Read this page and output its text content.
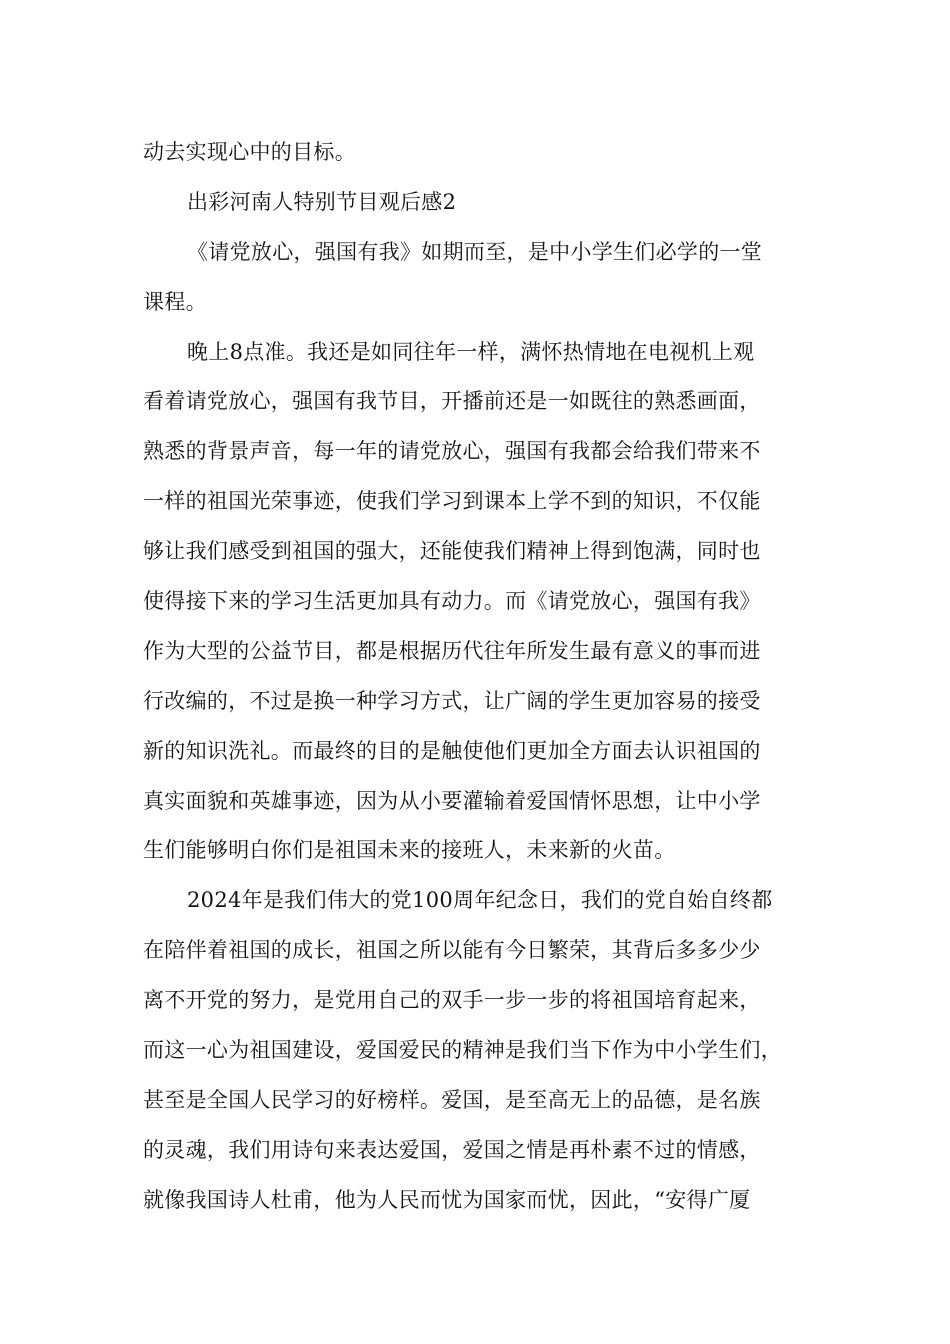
动去实现心中的目标。
出彩河南人特别节目观后感2
《请党放心，强国有我》如期而至，是中小学生们必学的一堂
课程。
晚上8点准。我还是如同往年一样，满怀热情地在电视机上观
看着请党放心，强国有我节目，开播前还是一如既往的熟悉画面，
熟悉的背景声音，每一年的请党放心，强国有我都会给我们带来不
一样的祖国光荣事迹，使我们学习到课本上学不到的知识，不仅能
够让我们感受到祖国的强大，还能使我们精神上得到饱满，同时也
使得接下来的学习生活更加具有动力。而《请党放心，强国有我》
作为大型的公益节目，都是根据历代往年所发生最有意义的事而进
行改编的，不过是换一种学习方式，让广阔的学生更加容易的接受
新的知识洗礼。而最终的目的是触使他们更加全方面去认识祖国的
真实面貌和英雄事迹，因为从小要灌输着爱国情怀思想，让中小学
生们能够明白你们是祖国未来的接班人，未来新的火苗。
2024年是我们伟大的党100周年纪念日，我们的党自始自终都
在陪伴着祖国的成长，祖国之所以能有今日繁荣，其背后多多少少
离不开党的努力，是党用自己的双手一步一步的将祖国培育起来，
而这一心为祖国建设，爱国爱民的精神是我们当下作为中小学生们，
甚至是全国人民学习的好榜样。爱国，是至高无上的品德，是名族
的灵魂，我们用诗句来表达爱国，爱国之情是再朴素不过的情感，
就像我国诗人杜甫，他为人民而忧为国家而忧，因此，“安得广厦
